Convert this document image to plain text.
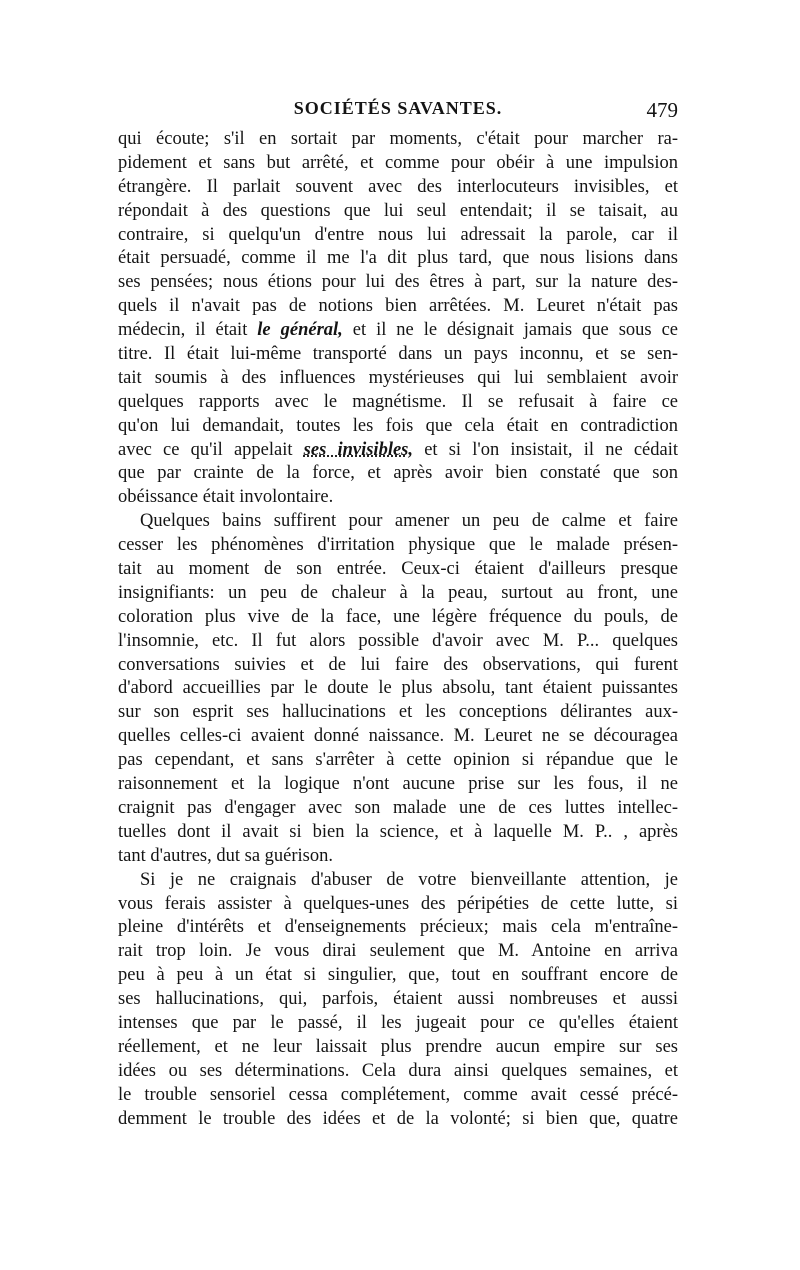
SOCIÉTÉS SAVANTES.	479
qui écoute; s'il en sortait par moments, c'était pour marcher ra-
pidement et sans but arrêté, et comme pour obéir à une impulsion
étrangère. Il parlait souvent avec des interlocuteurs invisibles, et
répondait à des questions que lui seul entendait; il se taisait, au
contraire, si quelqu'un d'entre nous lui adressait la parole, car il
était persuadé, comme il me l'a dit plus tard, que nous lisions dans
ses pensées; nous étions pour lui des êtres à part, sur la nature des-
quels il n'avait pas de notions bien arrêtées. M. Leuret n'était pas
médecin, il était le général, et il ne le désignait jamais que sous ce
titre. Il était lui-même transporté dans un pays inconnu, et se sen-
tait soumis à des influences mystérieuses qui lui semblaient avoir
quelques rapports avec le magnétisme. Il se refusait à faire ce
qu'on lui demandait, toutes les fois que cela était en contradiction
avec ce qu'il appelait ses invisibles, et si l'on insistait, il ne cédait
que par crainte de la force, et après avoir bien constaté que son
obéissance était involontaire.
Quelques bains suffirent pour amener un peu de calme et faire
cesser les phénomènes d'irritation physique que le malade présen-
tait au moment de son entrée. Ceux-ci étaient d'ailleurs presque
insignifiants: un peu de chaleur à la peau, surtout au front, une
coloration plus vive de la face, une légère fréquence du pouls, de
l'insomnie, etc. Il fut alors possible d'avoir avec M. P... quelques
conversations suivies et de lui faire des observations, qui furent
d'abord accueillies par le doute le plus absolu, tant étaient puissantes
sur son esprit ses hallucinations et les conceptions délirantes aux-
quelles celles-ci avaient donné naissance. M. Leuret ne se découragea
pas cependant, et sans s'arrêter à cette opinion si répandue que le
raisonnement et la logique n'ont aucune prise sur les fous, il ne
craignit pas d'engager avec son malade une de ces luttes intellec-
tuelles dont il avait si bien la science, et à laquelle M. P.. , après
tant d'autres, dut sa guérison.
Si je ne craignais d'abuser de votre bienveillante attention, je
vous ferais assister à quelques-unes des péripéties de cette lutte, si
pleine d'intérêts et d'enseignements précieux; mais cela m'entraîne-
rait trop loin. Je vous dirai seulement que M. Antoine en arriva
peu à peu à un état si singulier, que, tout en souffrant encore de
ses hallucinations, qui, parfois, étaient aussi nombreuses et aussi
intenses que par le passé, il les jugeait pour ce qu'elles étaient
réellement, et ne leur laissait plus prendre aucun empire sur ses
idées ou ses déterminations. Cela dura ainsi quelques semaines, et
le trouble sensoriel cessa complétement, comme avait cessé précé-
demment le trouble des idées et de la volonté; si bien que, quatre
